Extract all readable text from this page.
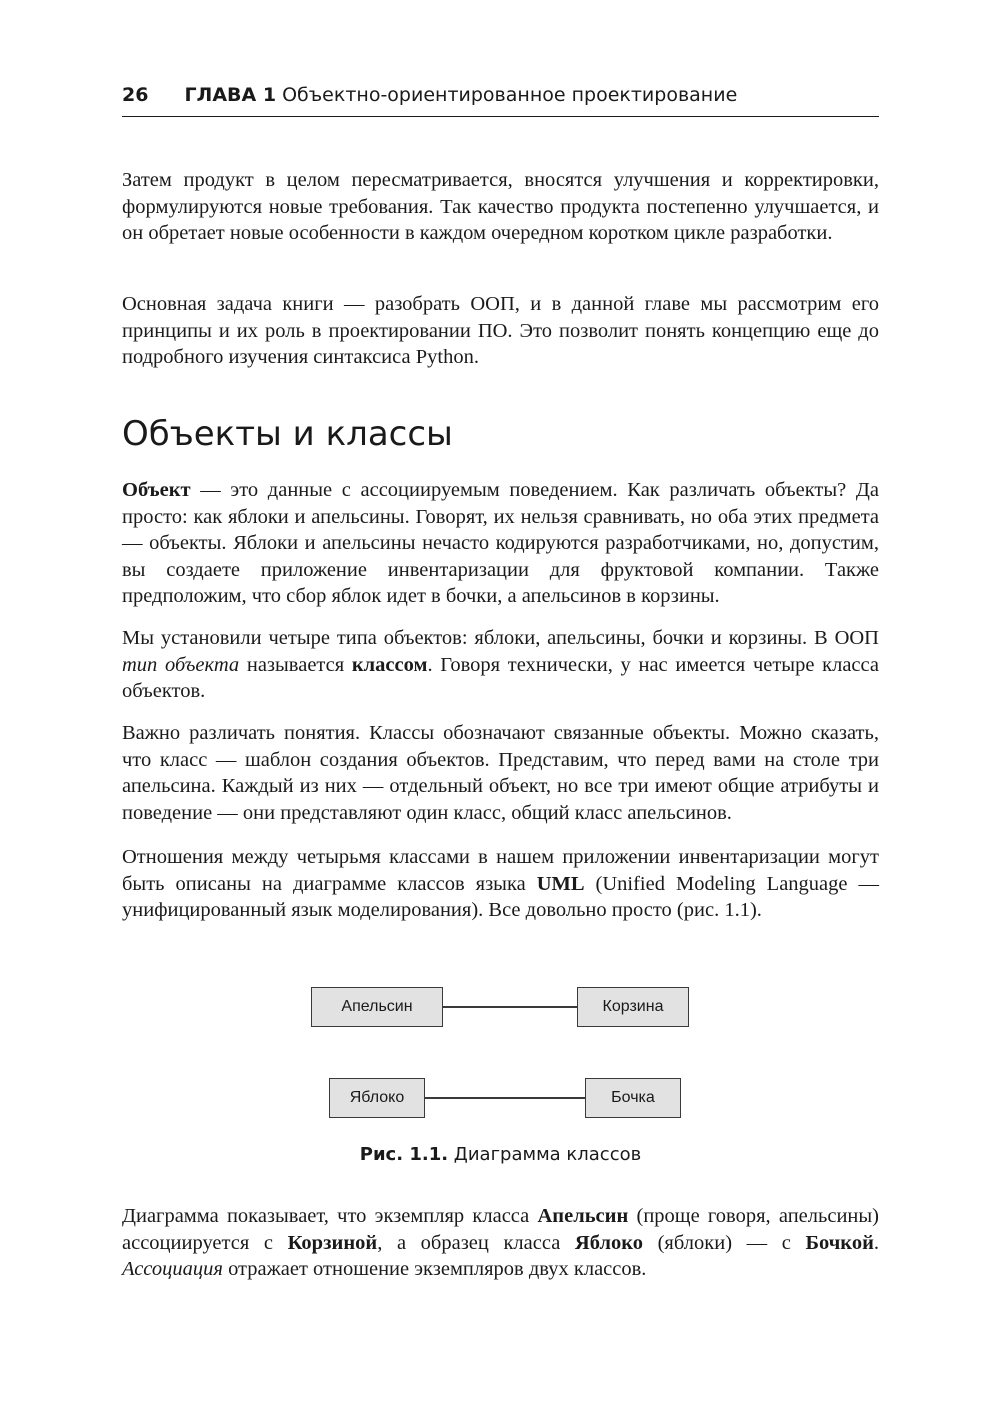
26 ГЛАВА 1 Объектно-ориентированное проектирование

Затем продукт в целом пересматривается, вносятся улучшения и корректировки, формулируются новые требования. Так качество продукта постепенно улучшается, и он обретает новые особенности в каждом очередном коротком цикле разработки.

Основная задача книги — разобрать ООП, и в данной главе мы рассмотрим его принципы и их роль в проектировании ПО. Это позволит понять концепцию еще до подробного изучения синтаксиса Python.

Объекты и классы

Объект — это данные с ассоциируемым поведением. Как различать объекты? Да просто: как яблоки и апельсины. Говорят, их нельзя сравнивать, но оба этих предмета — объекты. Яблоки и апельсины нечасто кодируются разработчиками, но, допустим, вы создаете приложение инвентаризации для фруктовой компании. Также предположим, что сбор яблок идет в бочки, а апельсинов в корзины.

Мы установили четыре типа объектов: яблоки, апельсины, бочки и корзины. В ООП тип объекта называется классом. Говоря технически, у нас имеется четыре класса объектов.

Важно различать понятия. Классы обозначают связанные объекты. Можно сказать, что класс — шаблон создания объектов. Представим, что перед вами на столе три апельсина. Каждый из них — отдельный объект, но все три имеют общие атрибуты и поведение — они представляют один класс, общий класс апельсинов.

Отношения между четырьмя классами в нашем приложении инвентаризации могут быть описаны на диаграмме классов языка UML (Unified Modeling Language — унифицированный язык моделирования). Все довольно просто (рис. 1.1).

Апельсин	Корзина
Яблоко	Бочка
Рис. 1.1. Диаграмма классов

Диаграмма показывает, что экземпляр класса Апельсин (проще говоря, апельсины) ассоциируется с Корзиной, а образец класса Яблоко (яблоки) — с Бочкой. Ассоциация отражает отношение экземпляров двух классов.
